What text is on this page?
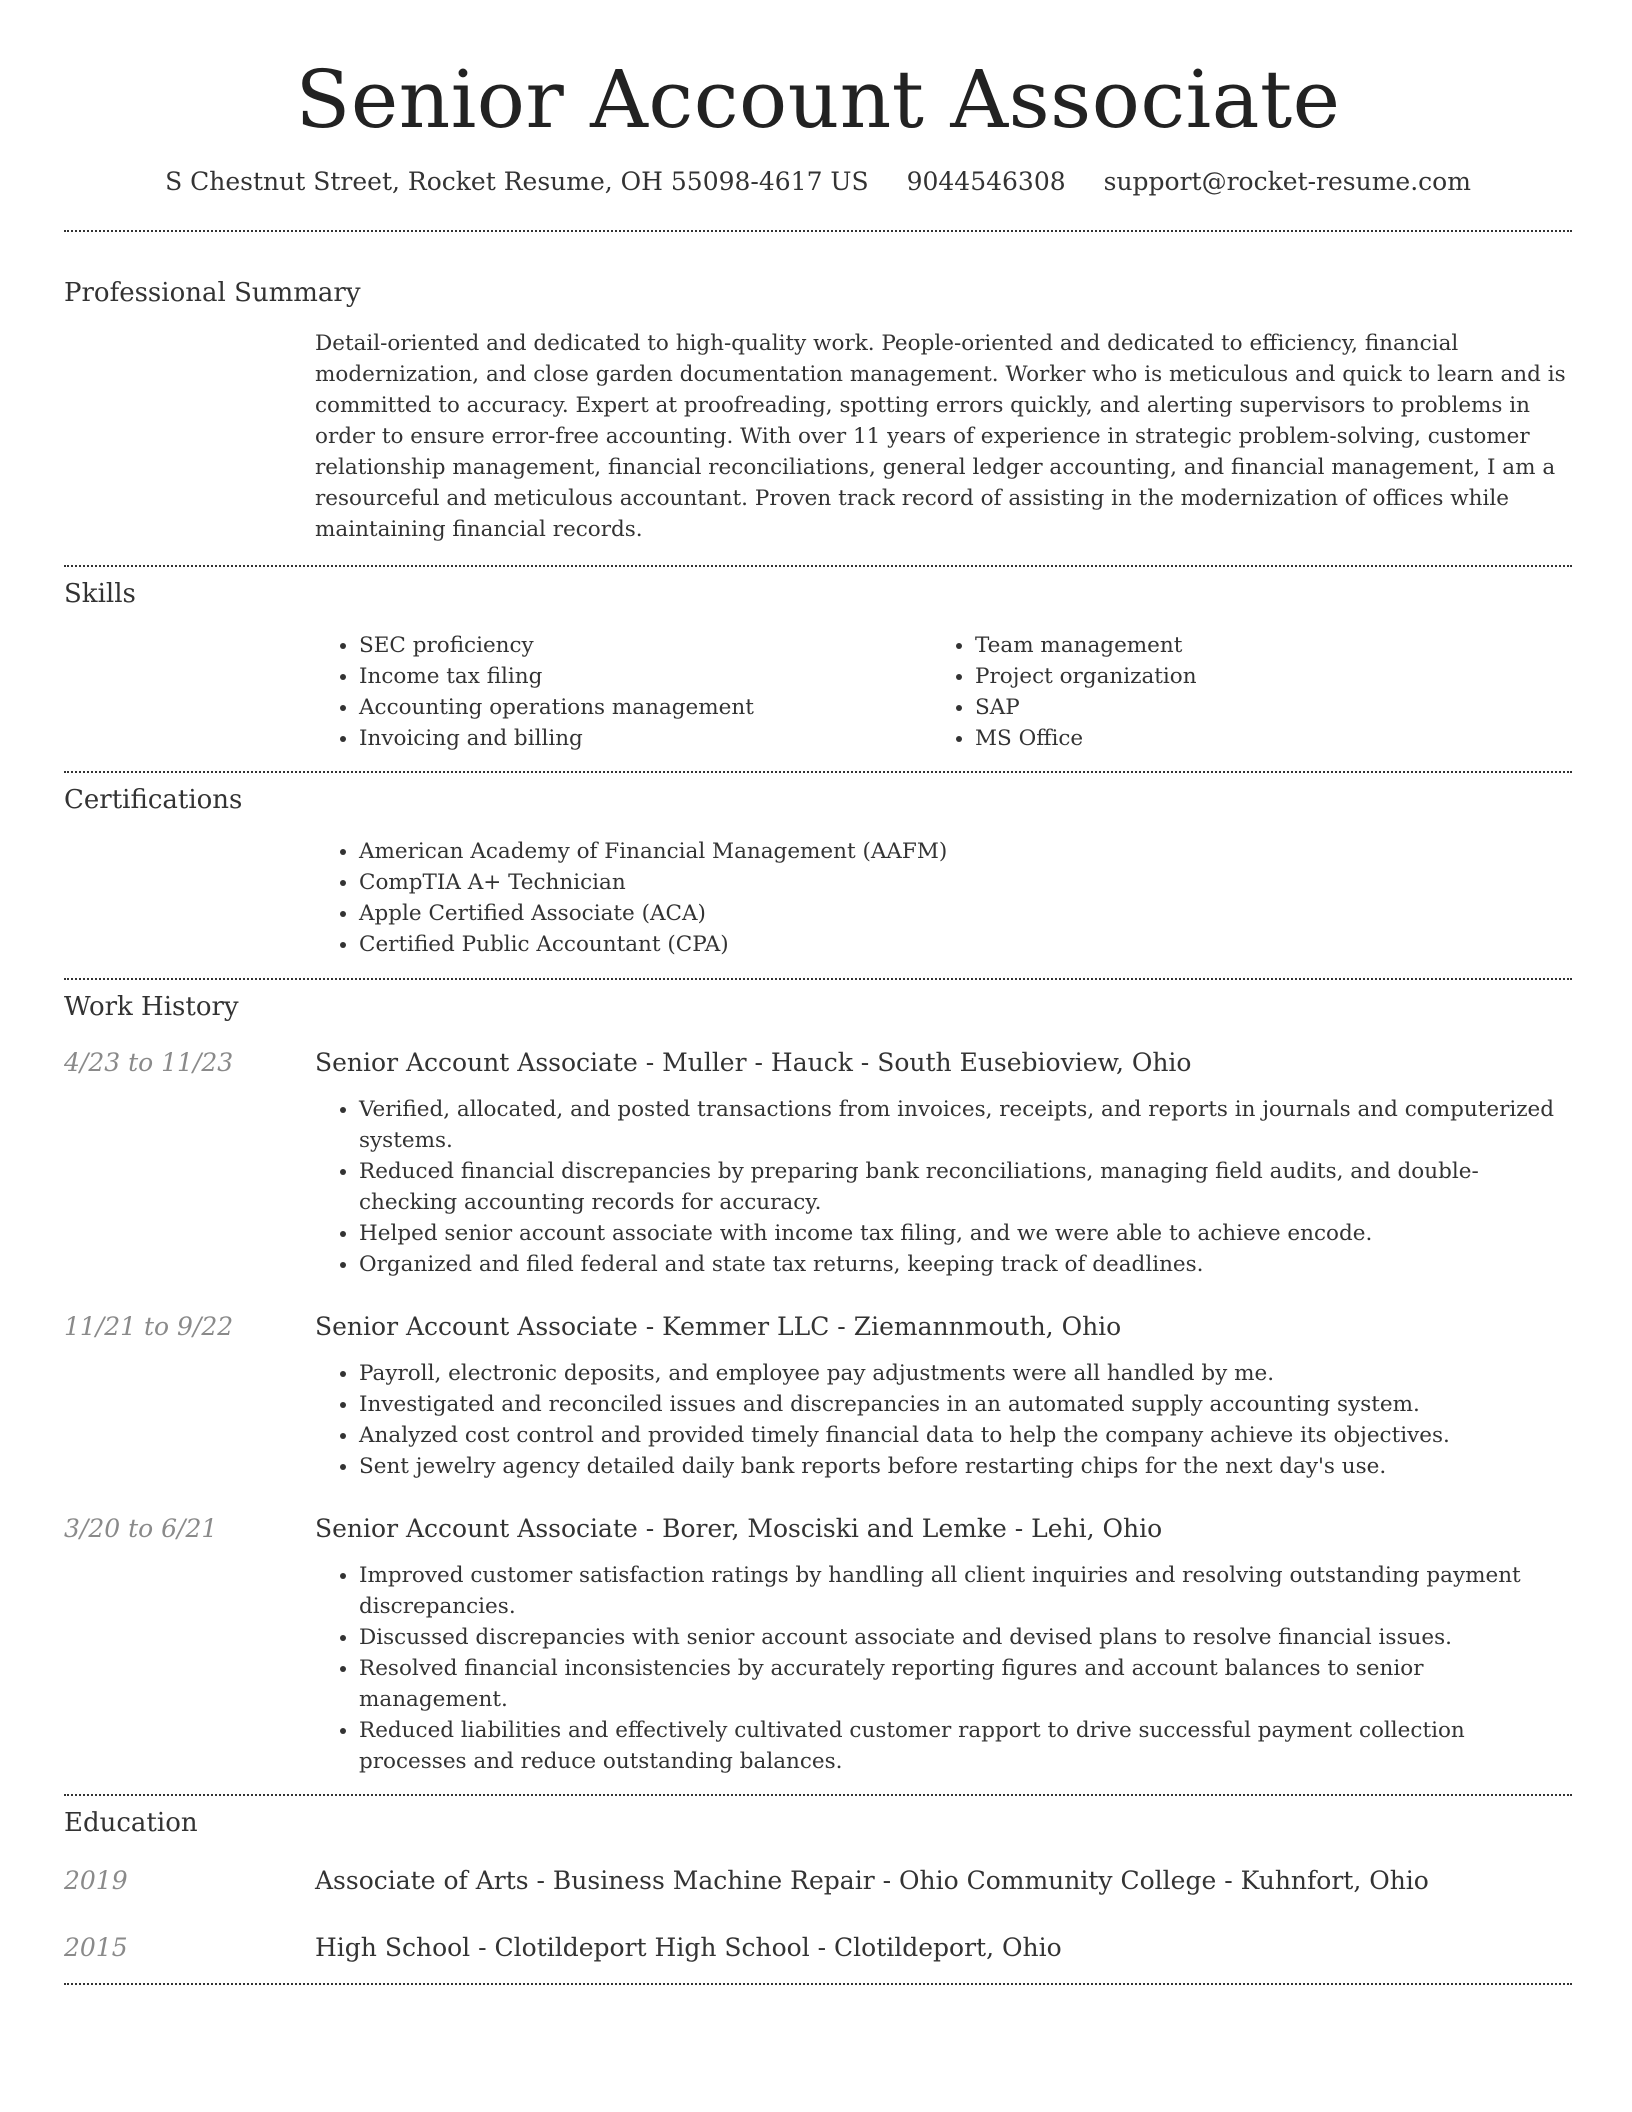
Senior Account Associate
S Chestnut Street, Rocket Resume, OH 55098-4617 US 9044546308 support@rocket-resume.com
Professional Summary
Detail-oriented and dedicated to high-quality work. People-oriented and dedicated to efficiency, financial modernization, and close garden documentation management. Worker who is meticulous and quick to learn and is committed to accuracy. Expert at proofreading, spotting errors quickly, and alerting supervisors to problems in order to ensure error-free accounting. With over 11 years of experience in strategic problem-solving, customer relationship management, financial reconciliations, general ledger accounting, and financial management, I am a resourceful and meticulous accountant. Proven track record of assisting in the modernization of offices while maintaining financial records.
Skills
• SEC proficiency
• Income tax filing
• Accounting operations management
• Invoicing and billing
• Team management
• Project organization
• SAP
• MS Office
Certifications
• American Academy of Financial Management (AAFM)
• CompTIA A+ Technician
• Apple Certified Associate (ACA)
• Certified Public Accountant (CPA)
Work History
4/23 to 11/23	Senior Account Associate - Muller - Hauck - South Eusebioview, Ohio
• Verified, allocated, and posted transactions from invoices, receipts, and reports in journals and computerized systems.
• Reduced financial discrepancies by preparing bank reconciliations, managing field audits, and double-checking accounting records for accuracy.
• Helped senior account associate with income tax filing, and we were able to achieve encode.
• Organized and filed federal and state tax returns, keeping track of deadlines.
11/21 to 9/22	Senior Account Associate - Kemmer LLC - Ziemannmouth, Ohio
• Payroll, electronic deposits, and employee pay adjustments were all handled by me.
• Investigated and reconciled issues and discrepancies in an automated supply accounting system.
• Analyzed cost control and provided timely financial data to help the company achieve its objectives.
• Sent jewelry agency detailed daily bank reports before restarting chips for the next day's use.
3/20 to 6/21	Senior Account Associate - Borer, Mosciski and Lemke - Lehi, Ohio
• Improved customer satisfaction ratings by handling all client inquiries and resolving outstanding payment discrepancies.
• Discussed discrepancies with senior account associate and devised plans to resolve financial issues.
• Resolved financial inconsistencies by accurately reporting figures and account balances to senior management.
• Reduced liabilities and effectively cultivated customer rapport to drive successful payment collection processes and reduce outstanding balances.
Education
2019	Associate of Arts - Business Machine Repair - Ohio Community College - Kuhnfort, Ohio
2015	High School - Clotildeport High School - Clotildeport, Ohio
